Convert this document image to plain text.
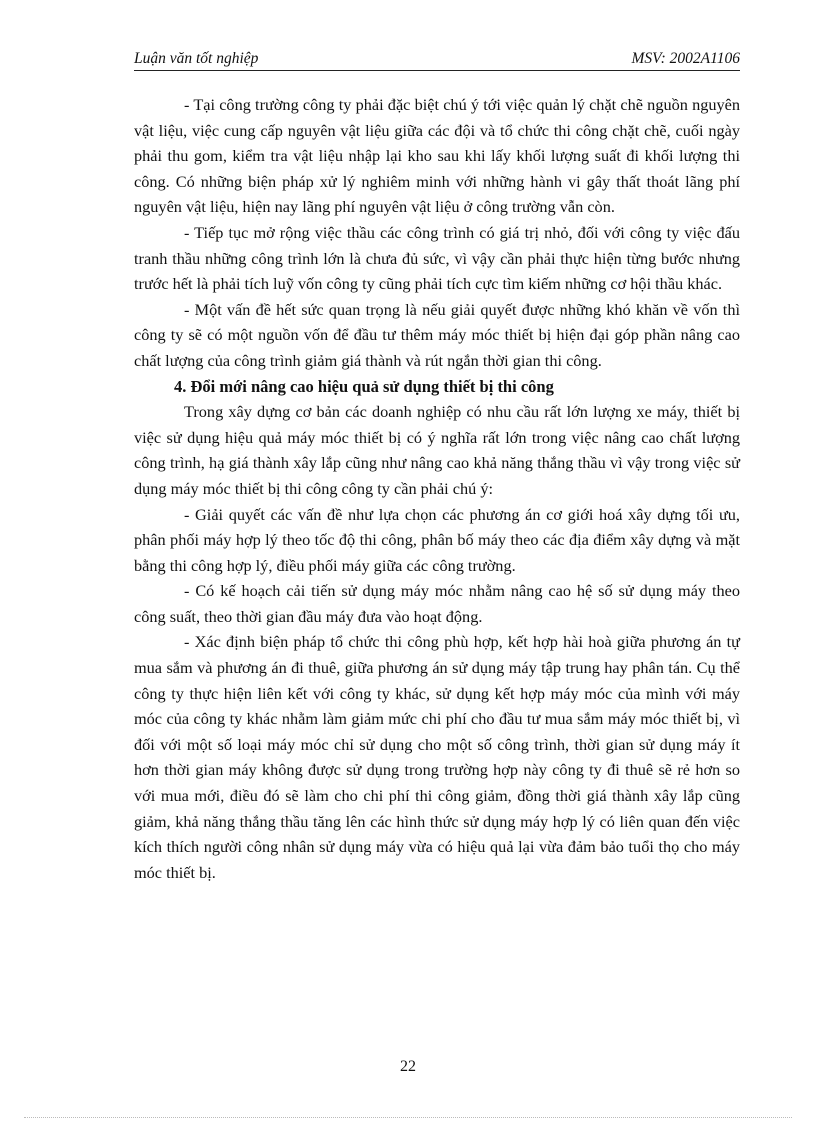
Luận văn tốt nghiệp	MSV: 2002A1106

- Tại công trường công ty phải đặc biệt chú ý tới việc quản lý chặt chẽ nguồn nguyên vật liệu, việc cung cấp nguyên vật liệu giữa các đội và tổ chức thi công chặt chẽ, cuối ngày phải thu gom, kiểm tra vật liệu nhập lại kho sau khi lấy khối lượng suất đi khối lượng thi công. Có những biện pháp xử lý nghiêm minh với những hành vi gây thất thoát lãng phí nguyên vật liệu, hiện nay lãng phí nguyên vật liệu ở công trường vẫn còn.

- Tiếp tục mở rộng việc thầu các công trình có giá trị nhỏ, đối với công ty việc đấu tranh thầu những công trình lớn là chưa đủ sức, vì vậy cần phải thực hiện từng bước nhưng trước hết là phải tích luỹ vốn công ty cũng phải tích cực tìm kiếm những cơ hội thầu khác.

- Một vấn đề hết sức quan trọng là nếu giải quyết được những khó khăn về vốn thì công ty sẽ có một nguồn vốn để đầu tư thêm máy móc thiết bị hiện đại góp phần nâng cao chất lượng của công trình giảm giá thành và rút ngắn thời gian thi công.

4. Đổi mới nâng cao hiệu quả sử dụng thiết bị thi công

Trong xây dựng cơ bản các doanh nghiệp có nhu cầu rất lớn lượng xe máy, thiết bị việc sử dụng hiệu quả máy móc thiết bị có ý nghĩa rất lớn trong việc nâng cao chất lượng công trình, hạ giá thành xây lắp cũng như nâng cao khả năng thắng thầu vì vậy trong việc sử dụng máy móc thiết bị thi công công ty cần phải chú ý:

- Giải quyết các vấn đề như lựa chọn các phương án cơ giới hoá xây dựng tối ưu, phân phối máy hợp lý theo tốc độ thi công, phân bố máy theo các địa điểm xây dựng và mặt bằng thi công hợp lý, điều phối máy giữa các công trường.

- Có kế hoạch cải tiến sử dụng máy móc nhằm nâng cao hệ số sử dụng máy theo công suất, theo thời gian đầu máy đưa vào hoạt động.

- Xác định biện pháp tổ chức thi công phù hợp, kết hợp hài hoà giữa phương án tự mua sắm và phương án đi thuê, giữa phương án sử dụng máy tập trung hay phân tán. Cụ thể công ty thực hiện liên kết với công ty khác, sử dụng kết hợp máy móc của mình với máy móc của công ty khác nhằm làm giảm mức chi phí cho đầu tư mua sắm máy móc thiết bị, vì đối với một số loại máy móc chỉ sử dụng cho một số công trình, thời gian sử dụng máy ít hơn thời gian máy không được sử dụng trong trường hợp này công ty đi thuê sẽ rẻ hơn so với mua mới, điều đó sẽ làm cho chi phí thi công giảm, đồng thời giá thành xây lắp cũng giảm, khả năng thắng thầu tăng lên các hình thức sử dụng máy hợp lý có liên quan đến việc kích thích người công nhân sử dụng máy vừa có hiệu quả lại vừa đảm bảo tuổi thọ cho máy móc thiết bị.

22
